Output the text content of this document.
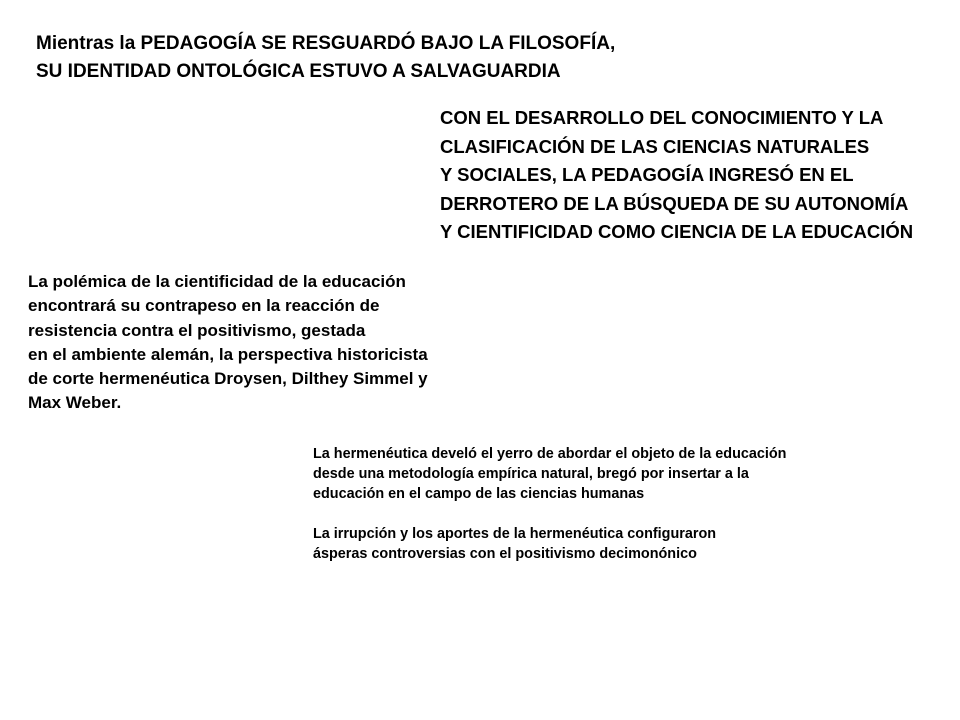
Mientras la PEDAGOGÍA SE RESGUARDÓ BAJO LA FILOSOFÍA,
SU IDENTIDAD ONTOLÓGICA ESTUVO A SALVAGUARDIA
CON EL DESARROLLO DEL CONOCIMIENTO Y LA
CLASIFICACIÓN DE LAS CIENCIAS NATURALES
Y SOCIALES, LA PEDAGOGÍA INGRESÓ EN EL
DERROTERO DE LA BÚSQUEDA DE SU AUTONOMÍA
Y CIENTIFICIDAD COMO CIENCIA DE LA EDUCACIÓN
La polémica de la cientificidad de la educación
encontrará su contrapeso en la reacción de
resistencia contra el positivismo, gestada
en el ambiente alemán, la perspectiva historicista
de corte hermenéutica Droysen, Dilthey Simmel y
Max Weber.
La hermenéutica develó el yerro de abordar el objeto de la educación
desde una metodología empírica natural, bregó por insertar a la
educación en el campo de las ciencias humanas
La irrupción y los aportes de la hermenéutica configuraron
ásperas controversias con el positivismo decimonónico
